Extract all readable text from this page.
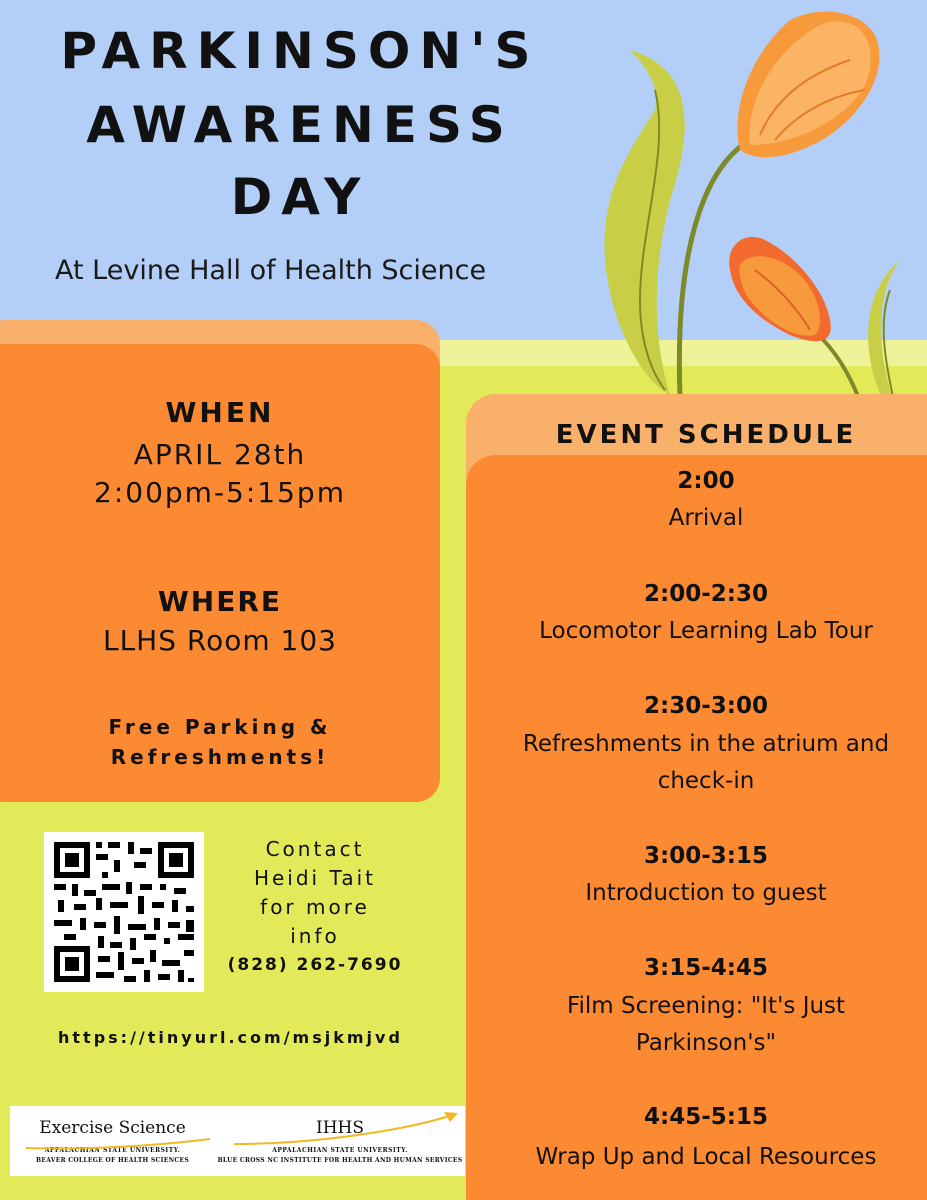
PARKINSON'S
AWARENESS
DAY
At Levine Hall of Health Science
WHEN
APRIL 28th
2:00pm-5:15pm
WHERE
LLHS Room 103
Free Parking &
Refreshments!
Contact
Heidi Tait
for more
info
(828) 262-7690
https://tinyurl.com/msjkmjvd
Exercise Science
APPALACHIAN STATE UNIVERSITY.
BEAVER COLLEGE OF HEALTH SCIENCES
IHHS
APPALACHIAN STATE UNIVERSITY.
BLUE CROSS NC INSTITUTE FOR HEALTH AND HUMAN SERVICES
EVENT SCHEDULE
2:00
Arrival
2:00-2:30
Locomotor Learning Lab Tour
2:30-3:00
Refreshments in the atrium and check-in
3:00-3:15
Introduction to guest
3:15-4:45
Film Screening: "It's Just Parkinson's"
4:45-5:15
Wrap Up and Local Resources
